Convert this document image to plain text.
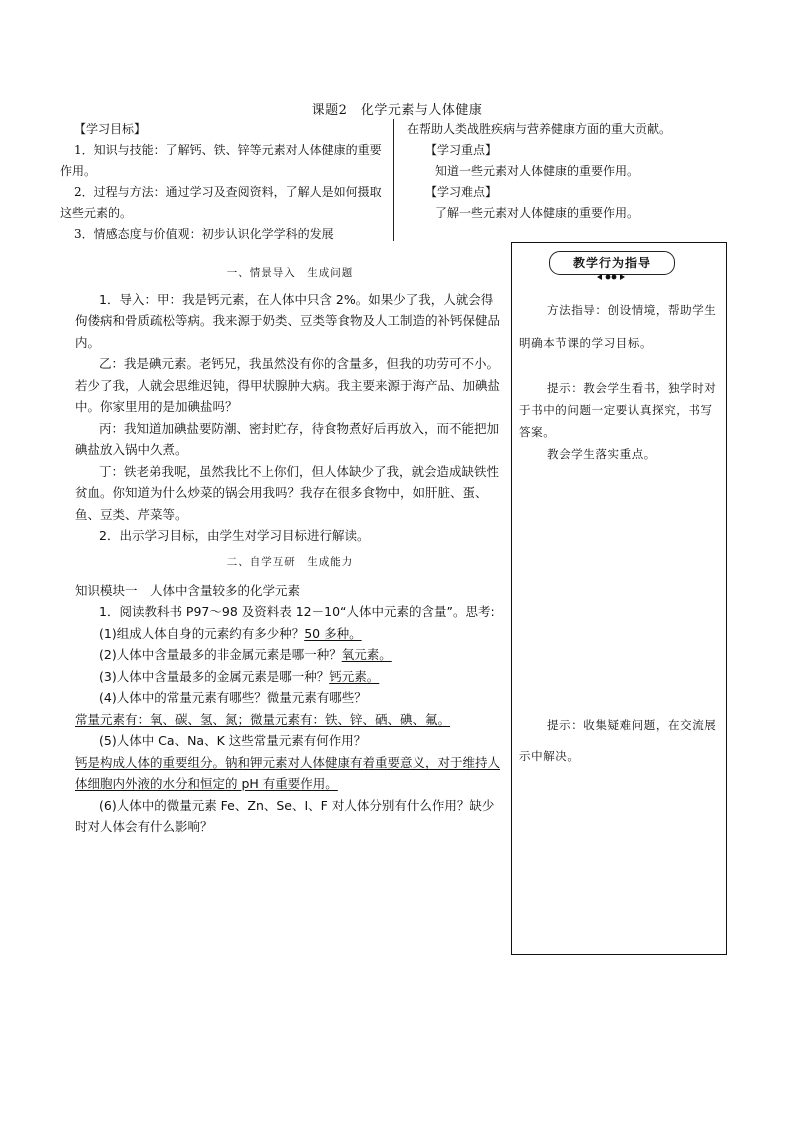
课题2　化学元素与人体健康

【学习目标】

1．知识与技能：了解钙、铁、锌等元素对人体健康的重要作用。

2．过程与方法：通过学习及查阅资料，了解人是如何摄取这些元素的。

3．情感态度与价值观：初步认识化学学科的发展

在帮助人类战胜疾病与营养健康方面的重大贡献。

【学习重点】

知道一些元素对人体健康的重要作用。

【学习难点】

了解一些元素对人体健康的重要作用。

一、情景导入　生成问题

1．导入：甲：我是钙元素，在人体中只含 2%。如果少了我，人就会得佝偻病和骨质疏松等病。我来源于奶类、豆类等食物及人工制造的补钙保健品内。

乙：我是碘元素。老钙兄，我虽然没有你的含量多，但我的功劳可不小。若少了我，人就会思维迟钝，得甲状腺肿大病。我主要来源于海产品、加碘盐中。你家里用的是加碘盐吗？

丙：我知道加碘盐要防潮、密封贮存，待食物煮好后再放入，而不能把加碘盐放入锅中久煮。

丁：铁老弟我呢，虽然我比不上你们，但人体缺少了我，就会造成缺铁性贫血。你知道为什么炒菜的锅会用我吗？我存在很多食物中，如肝脏、蛋、鱼、豆类、芹菜等。

2．出示学习目标，由学生对学习目标进行解读。

二、自学互研　生成能力

知识模块一　人体中含量较多的化学元素

1．阅读教科书 P97～98 及资料表 12－10“人体中元素的含量”。思考:

(1)组成人体自身的元素约有多少种？50 多种。

(2)人体中含量最多的非金属元素是哪一种？氧元素。

(3)人体中含量最多的金属元素是哪一种？钙元素。

(4)人体中的常量元素有哪些？微量元素有哪些？

常量元素有：氧、碳、氢、氮；微量元素有：铁、锌、硒、碘、氟。

(5)人体中 Ca、Na、K 这些常量元素有何作用？

钙是构成人体的重要组分。钠和钾元素对人体健康有着重要意义，对于维持人体细胞内外液的水分和恒定的 pH 有重要作用。

(6)人体中的微量元素 Fe、Zn、Se、I、F 对人体分别有什么作用？缺少时对人体会有什么影响？

教学行为指导

方法指导：创设情境，帮助学生明确本节课的学习目标。

提示：教会学生看书，独学时对于书中的问题一定要认真探究，书写答案。

教会学生落实重点。

提示：收集疑难问题，在交流展示中解决。
